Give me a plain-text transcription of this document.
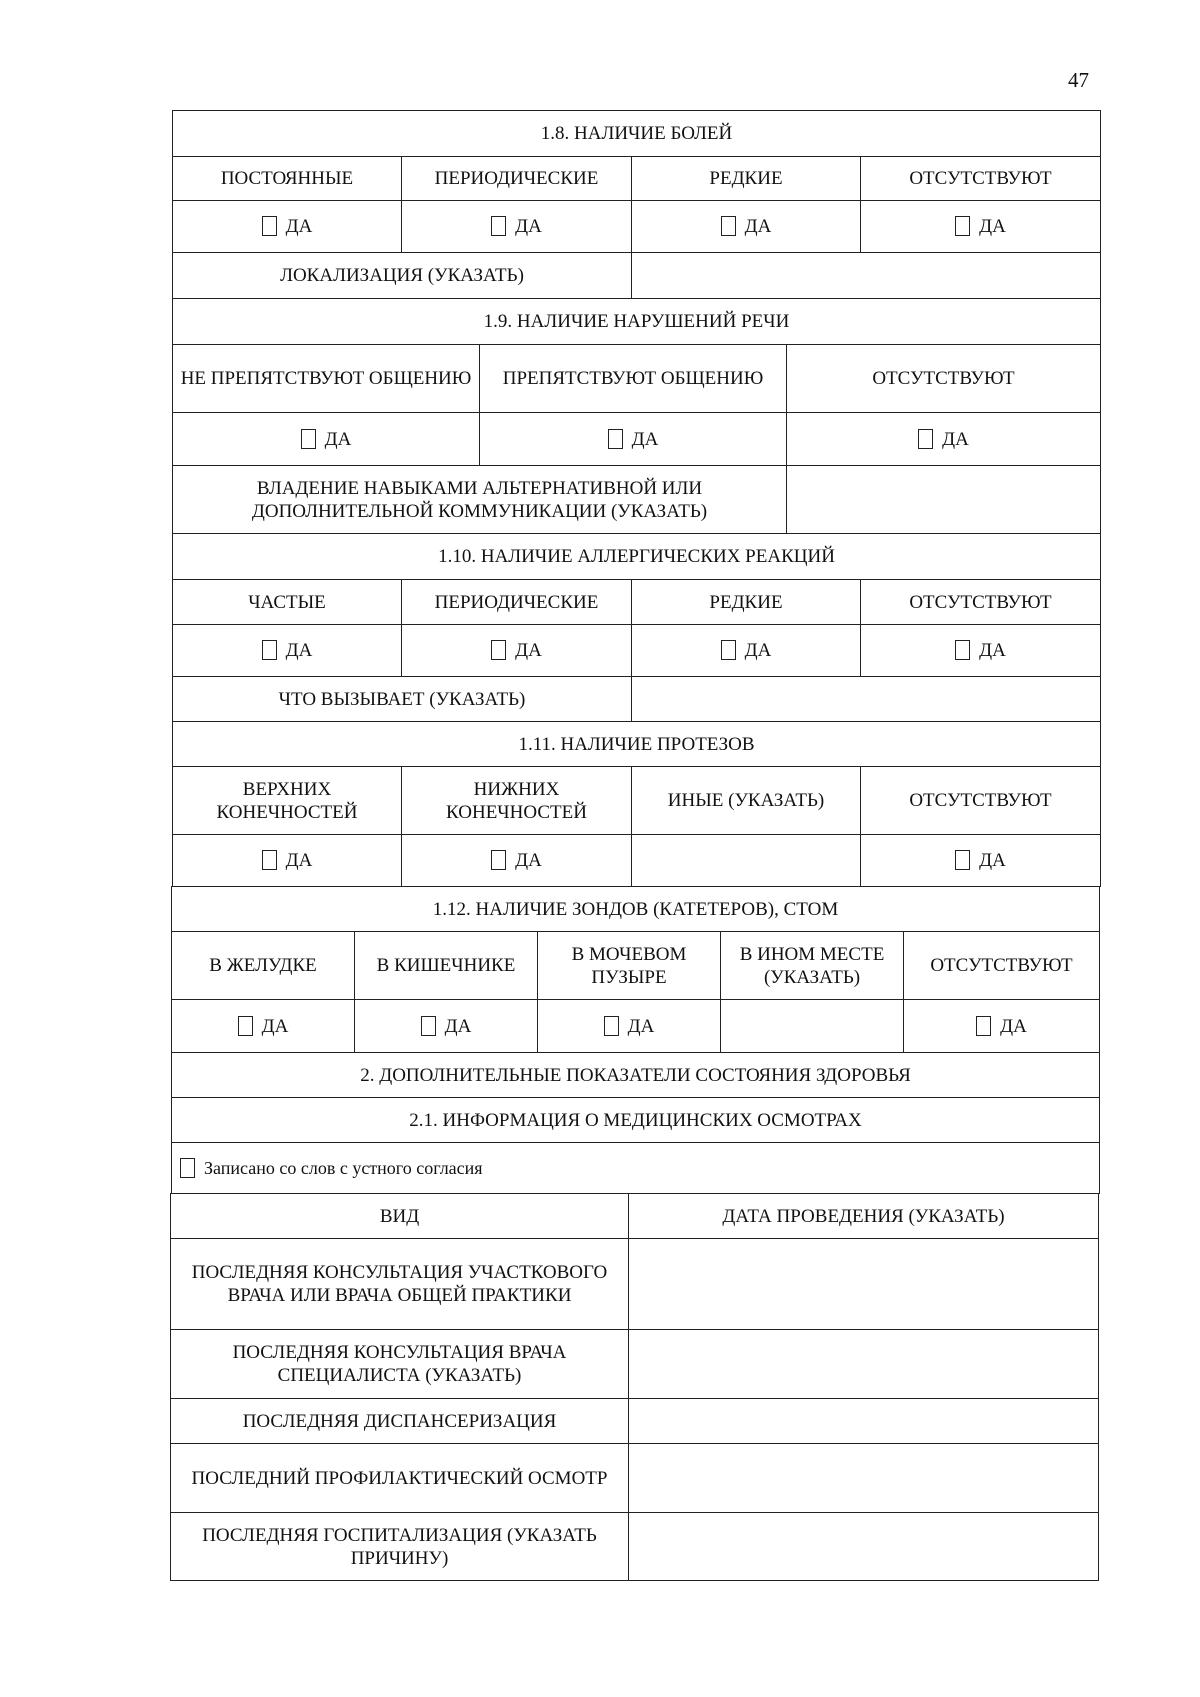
47
1.8. НАЛИЧИЕ БОЛЕЙ			
ПОСТОЯННЫЕ	ПЕРИОДИЧЕСКИЕ	РЕДКИЕ	ОТСУТСТВУЮТ
ДА	ДА	ДА	ДА
ЛОКАЛИЗАЦИЯ (УКАЗАТЬ)			
1.9. НАЛИЧИЕ НАРУШЕНИЙ РЕЧИ		
НЕ ПРЕПЯТСТВУЮТ ОБЩЕНИЮ	ПРЕПЯТСТВУЮТ ОБЩЕНИЮ	ОТСУТСТВУЮТ
ДА	ДА	ДА
ВЛАДЕНИЕ НАВЫКАМИ АЛЬТЕРНАТИВНОЙ ИЛИ ДОПОЛНИТЕЛЬНОЙ КОММУНИКАЦИИ (УКАЗАТЬ)		
1.10. НАЛИЧИЕ АЛЛЕРГИЧЕСКИХ РЕАКЦИЙ			
ЧАСТЫЕ	ПЕРИОДИЧЕСКИЕ	РЕДКИЕ	ОТСУТСТВУЮТ
ДА	ДА	ДА	ДА
ЧТО ВЫЗЫВАЕТ (УКАЗАТЬ)			
1.11. НАЛИЧИЕ ПРОТЕЗОВ			
ВЕРХНИХ КОНЕЧНОСТЕЙ	НИЖНИХ КОНЕЧНОСТЕЙ	ИНЫЕ (УКАЗАТЬ)	ОТСУТСТВУЮТ
ДА	ДА		ДА
1.12. НАЛИЧИЕ ЗОНДОВ (КАТЕТЕРОВ), СТОМ				
В ЖЕЛУДКЕ	В КИШЕЧНИКЕ	В МОЧЕВОМ ПУЗЫРЕ	В ИНОМ МЕСТЕ (УКАЗАТЬ)	ОТСУТСТВУЮТ
ДА	ДА	ДА		ДА
2. ДОПОЛНИТЕЛЬНЫЕ ПОКАЗАТЕЛИ СОСТОЯНИЯ ЗДОРОВЬЯ
2.1. ИНФОРМАЦИЯ О МЕДИЦИНСКИХ ОСМОТРАХ
Записано со слов с устного согласия
ВИД	ДАТА ПРОВЕДЕНИЯ (УКАЗАТЬ)
ПОСЛЕДНЯЯ КОНСУЛЬТАЦИЯ УЧАСТКОВОГО ВРАЧА ИЛИ ВРАЧА ОБЩЕЙ ПРАКТИКИ	
ПОСЛЕДНЯЯ КОНСУЛЬТАЦИЯ ВРАЧА СПЕЦИАЛИСТА (УКАЗАТЬ)	
ПОСЛЕДНЯЯ ДИСПАНСЕРИЗАЦИЯ	
ПОСЛЕДНИЙ ПРОФИЛАКТИЧЕСКИЙ ОСМОТР	
ПОСЛЕДНЯЯ ГОСПИТАЛИЗАЦИЯ (УКАЗАТЬ ПРИЧИНУ)	
